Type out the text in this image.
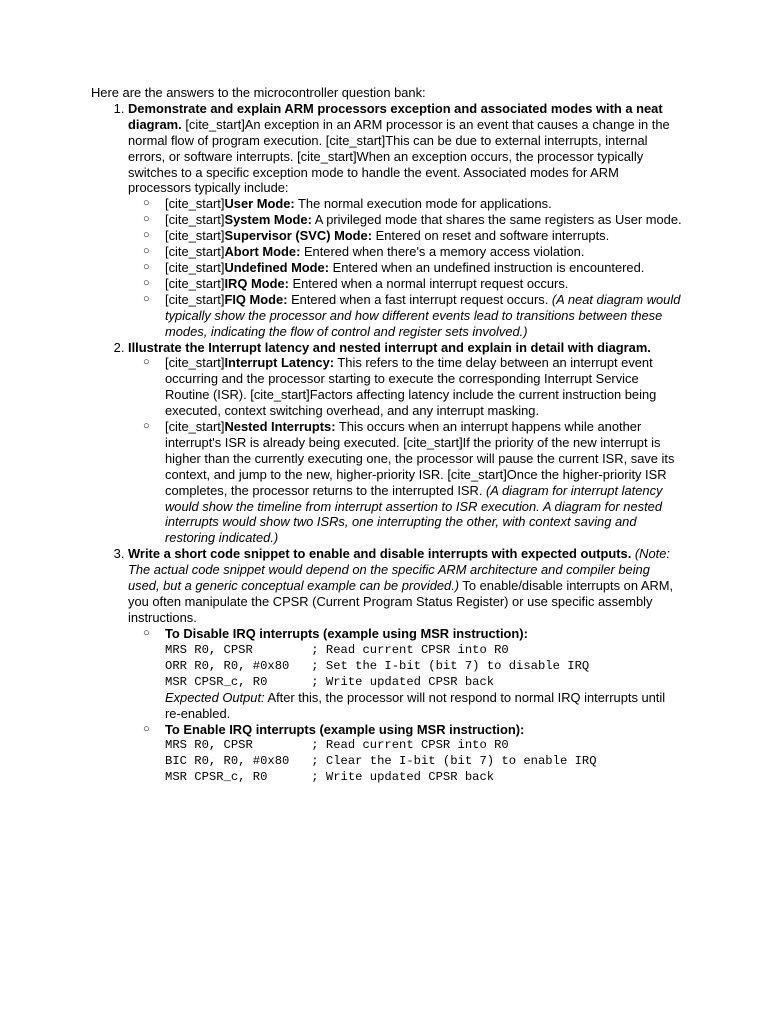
Here are the answers to the microcontroller question bank:

1. Demonstrate and explain ARM processors exception and associated modes with a neat diagram. [cite_start]An exception in an ARM processor is an event that causes a change in the normal flow of program execution. [cite_start]This can be due to external interrupts, internal errors, or software interrupts. [cite_start]When an exception occurs, the processor typically switches to a specific exception mode to handle the event. Associated modes for ARM processors typically include:
○ [cite_start]User Mode: The normal execution mode for applications.
○ [cite_start]System Mode: A privileged mode that shares the same registers as User mode.
○ [cite_start]Supervisor (SVC) Mode: Entered on reset and software interrupts.
○ [cite_start]Abort Mode: Entered when there's a memory access violation.
○ [cite_start]Undefined Mode: Entered when an undefined instruction is encountered.
○ [cite_start]IRQ Mode: Entered when a normal interrupt request occurs.
○ [cite_start]FIQ Mode: Entered when a fast interrupt request occurs. (A neat diagram would typically show the processor and how different events lead to transitions between these modes, indicating the flow of control and register sets involved.)
2. Illustrate the Interrupt latency and nested interrupt and explain in detail with diagram.
○ [cite_start]Interrupt Latency: This refers to the time delay between an interrupt event occurring and the processor starting to execute the corresponding Interrupt Service Routine (ISR). [cite_start]Factors affecting latency include the current instruction being executed, context switching overhead, and any interrupt masking.
○ [cite_start]Nested Interrupts: This occurs when an interrupt happens while another interrupt's ISR is already being executed. [cite_start]If the priority of the new interrupt is higher than the currently executing one, the processor will pause the current ISR, save its context, and jump to the new, higher-priority ISR. [cite_start]Once the higher-priority ISR completes, the processor returns to the interrupted ISR. (A diagram for interrupt latency would show the timeline from interrupt assertion to ISR execution. A diagram for nested interrupts would show two ISRs, one interrupting the other, with context saving and restoring indicated.)
3. Write a short code snippet to enable and disable interrupts with expected outputs. (Note: The actual code snippet would depend on the specific ARM architecture and compiler being used, but a generic conceptual example can be provided.) To enable/disable interrupts on ARM, you often manipulate the CPSR (Current Program Status Register) or use specific assembly instructions.
○ To Disable IRQ interrupts (example using MSR instruction):
MRS R0, CPSR        ; Read current CPSR into R0
ORR R0, R0, #0x80   ; Set the I-bit (bit 7) to disable IRQ
MSR CPSR_c, R0      ; Write updated CPSR back
Expected Output: After this, the processor will not respond to normal IRQ interrupts until re-enabled.
○ To Enable IRQ interrupts (example using MSR instruction):
MRS R0, CPSR        ; Read current CPSR into R0
BIC R0, R0, #0x80   ; Clear the I-bit (bit 7) to enable IRQ
MSR CPSR_c, R0      ; Write updated CPSR back
